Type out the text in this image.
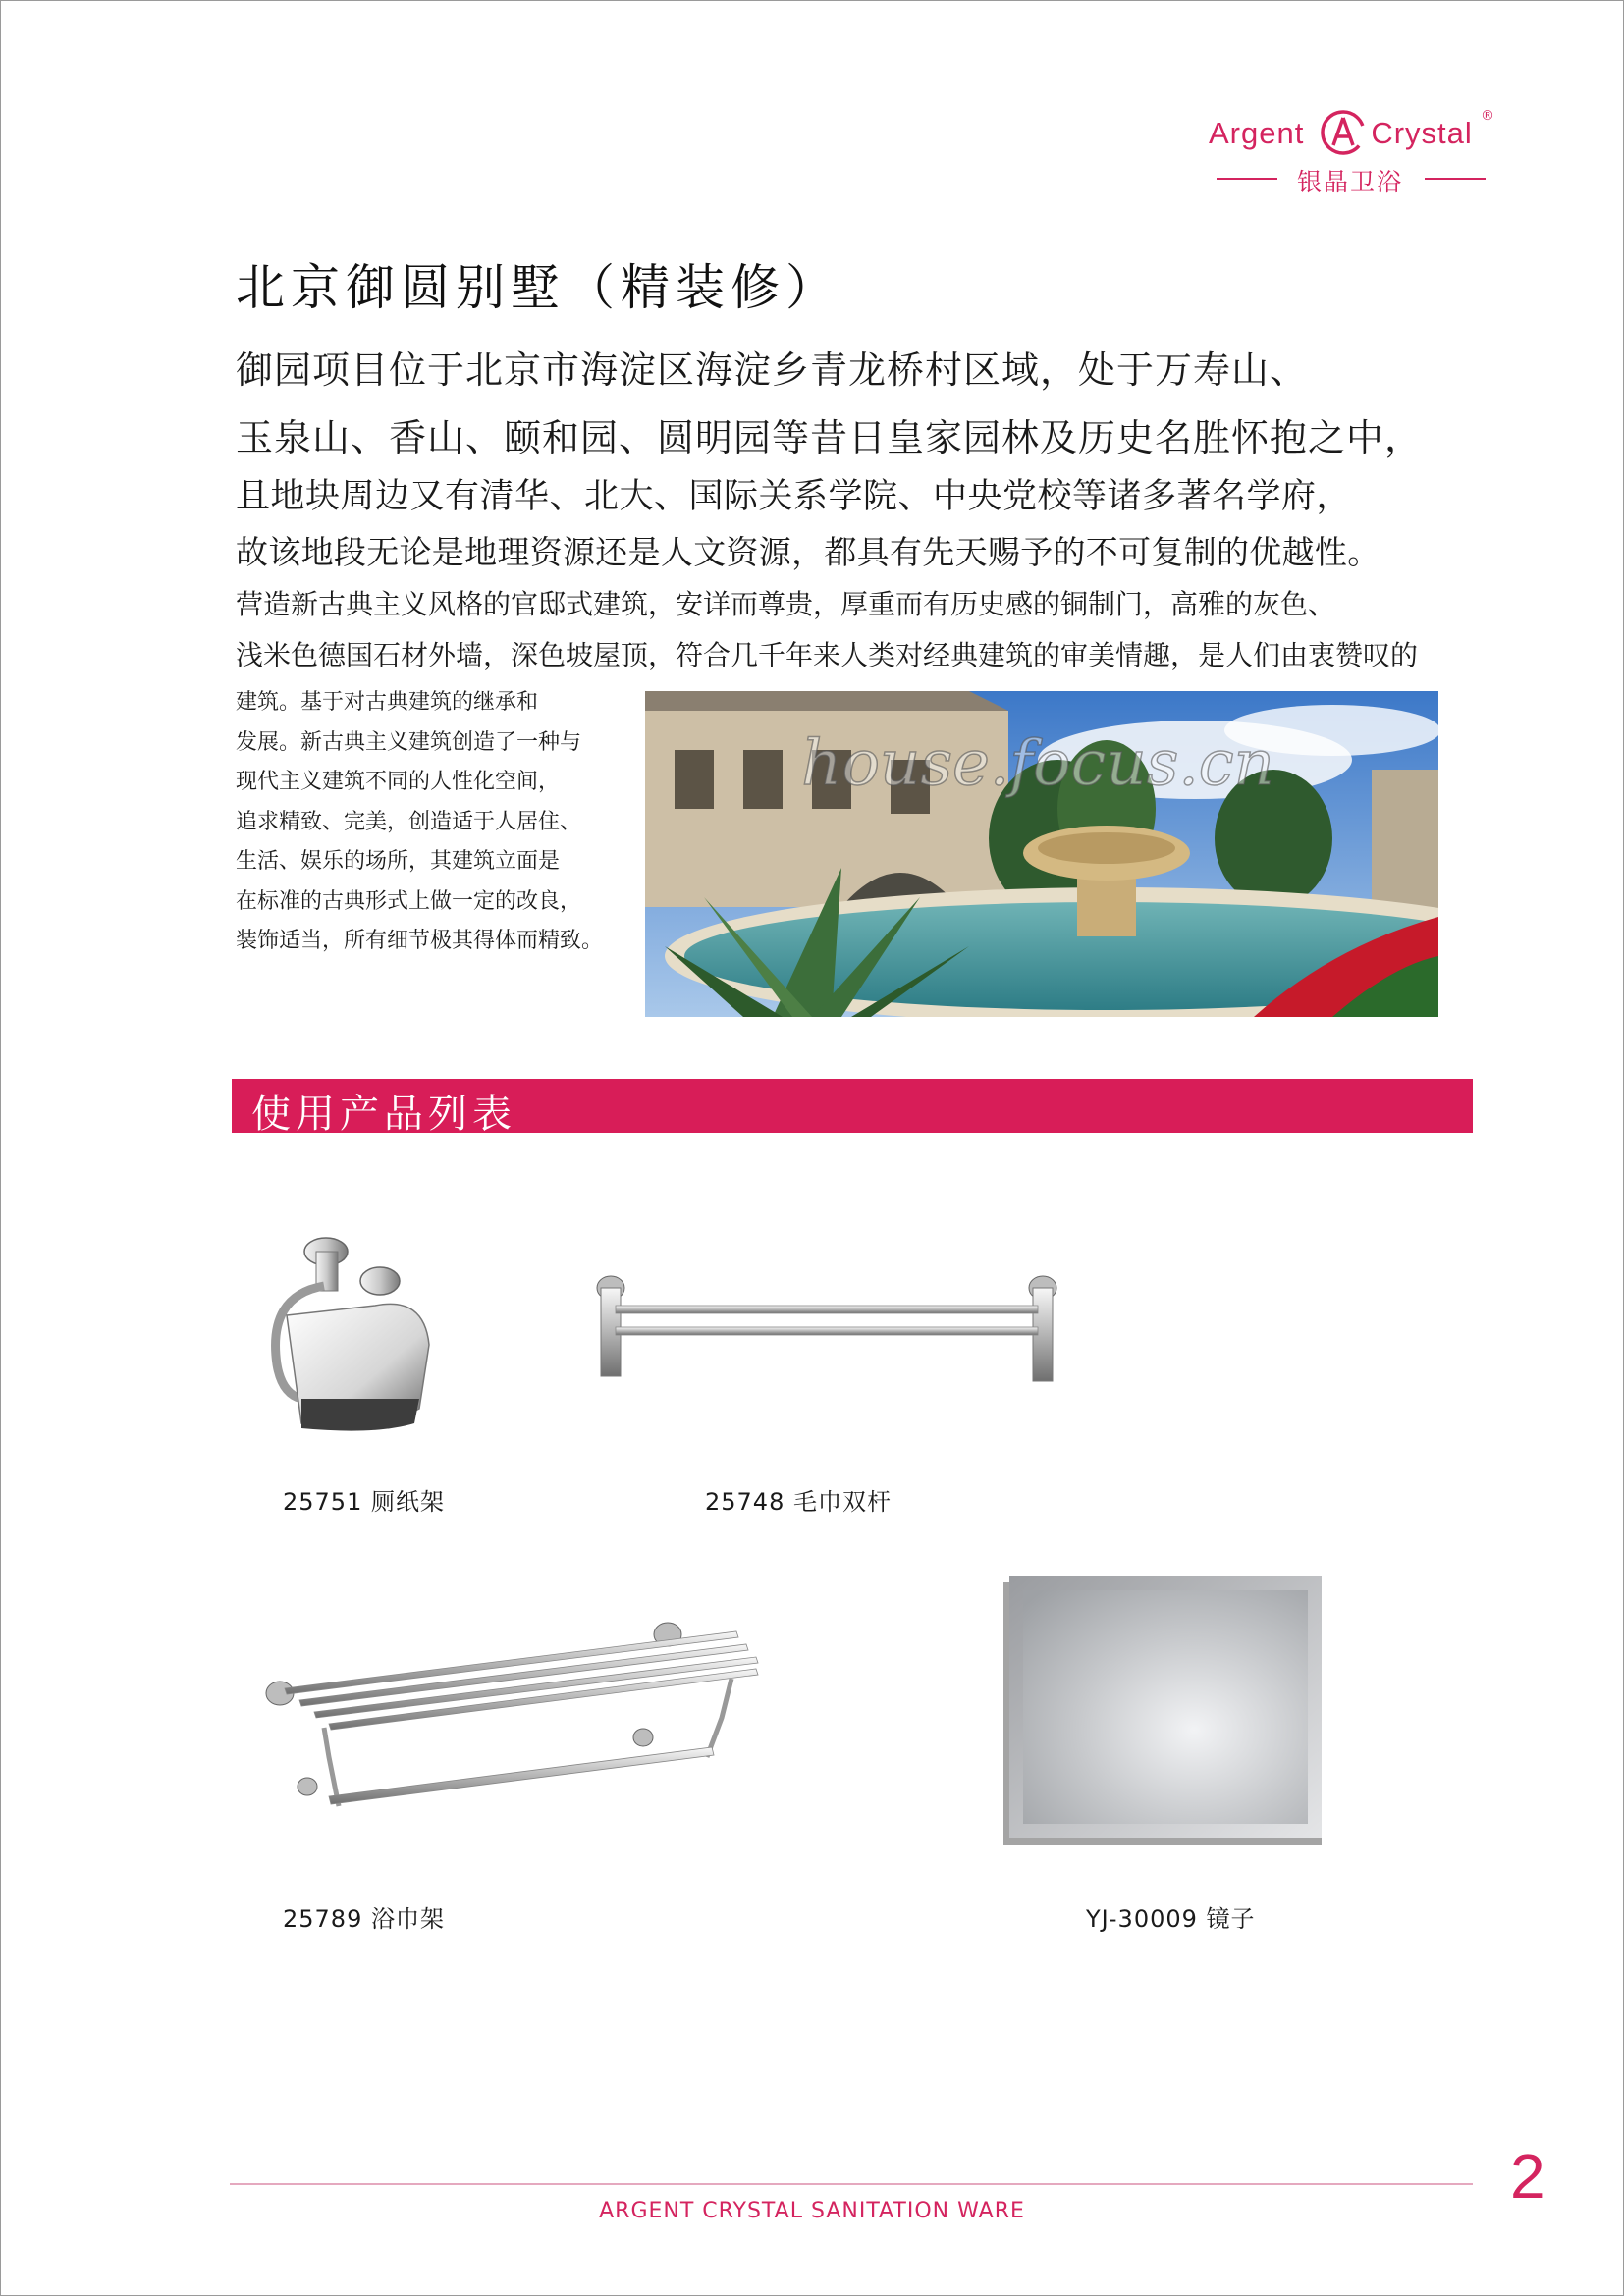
Argent Crystal ®
银晶卫浴
北京御圆别墅（精装修）
御园项目位于北京市海淀区海淀乡青龙桥村区域，处于万寿山、
玉泉山、香山、颐和园、圆明园等昔日皇家园林及历史名胜怀抱之中，
且地块周边又有清华、北大、国际关系学院、中央党校等诸多著名学府，
故该地段无论是地理资源还是人文资源，都具有先天赐予的不可复制的优越性。
营造新古典主义风格的官邸式建筑，安详而尊贵，厚重而有历史感的铜制门，高雅的灰色、
浅米色德国石材外墙，深色坡屋顶，符合几千年来人类对经典建筑的审美情趣，是人们由衷赞叹的
建筑。基于对古典建筑的继承和
发展。新古典主义建筑创造了一种与
现代主义建筑不同的人性化空间，
追求精致、完美，创造适于人居住、
生活、娱乐的场所，其建筑立面是
在标准的古典形式上做一定的改良，
装饰适当，所有细节极其得体而精致。
house.focus.cn
使用产品列表
25751 厕纸架	25748 毛巾双杆
25789 浴巾架	YJ-30009 镜子
2
ARGENT CRYSTAL SANITATION WARE
